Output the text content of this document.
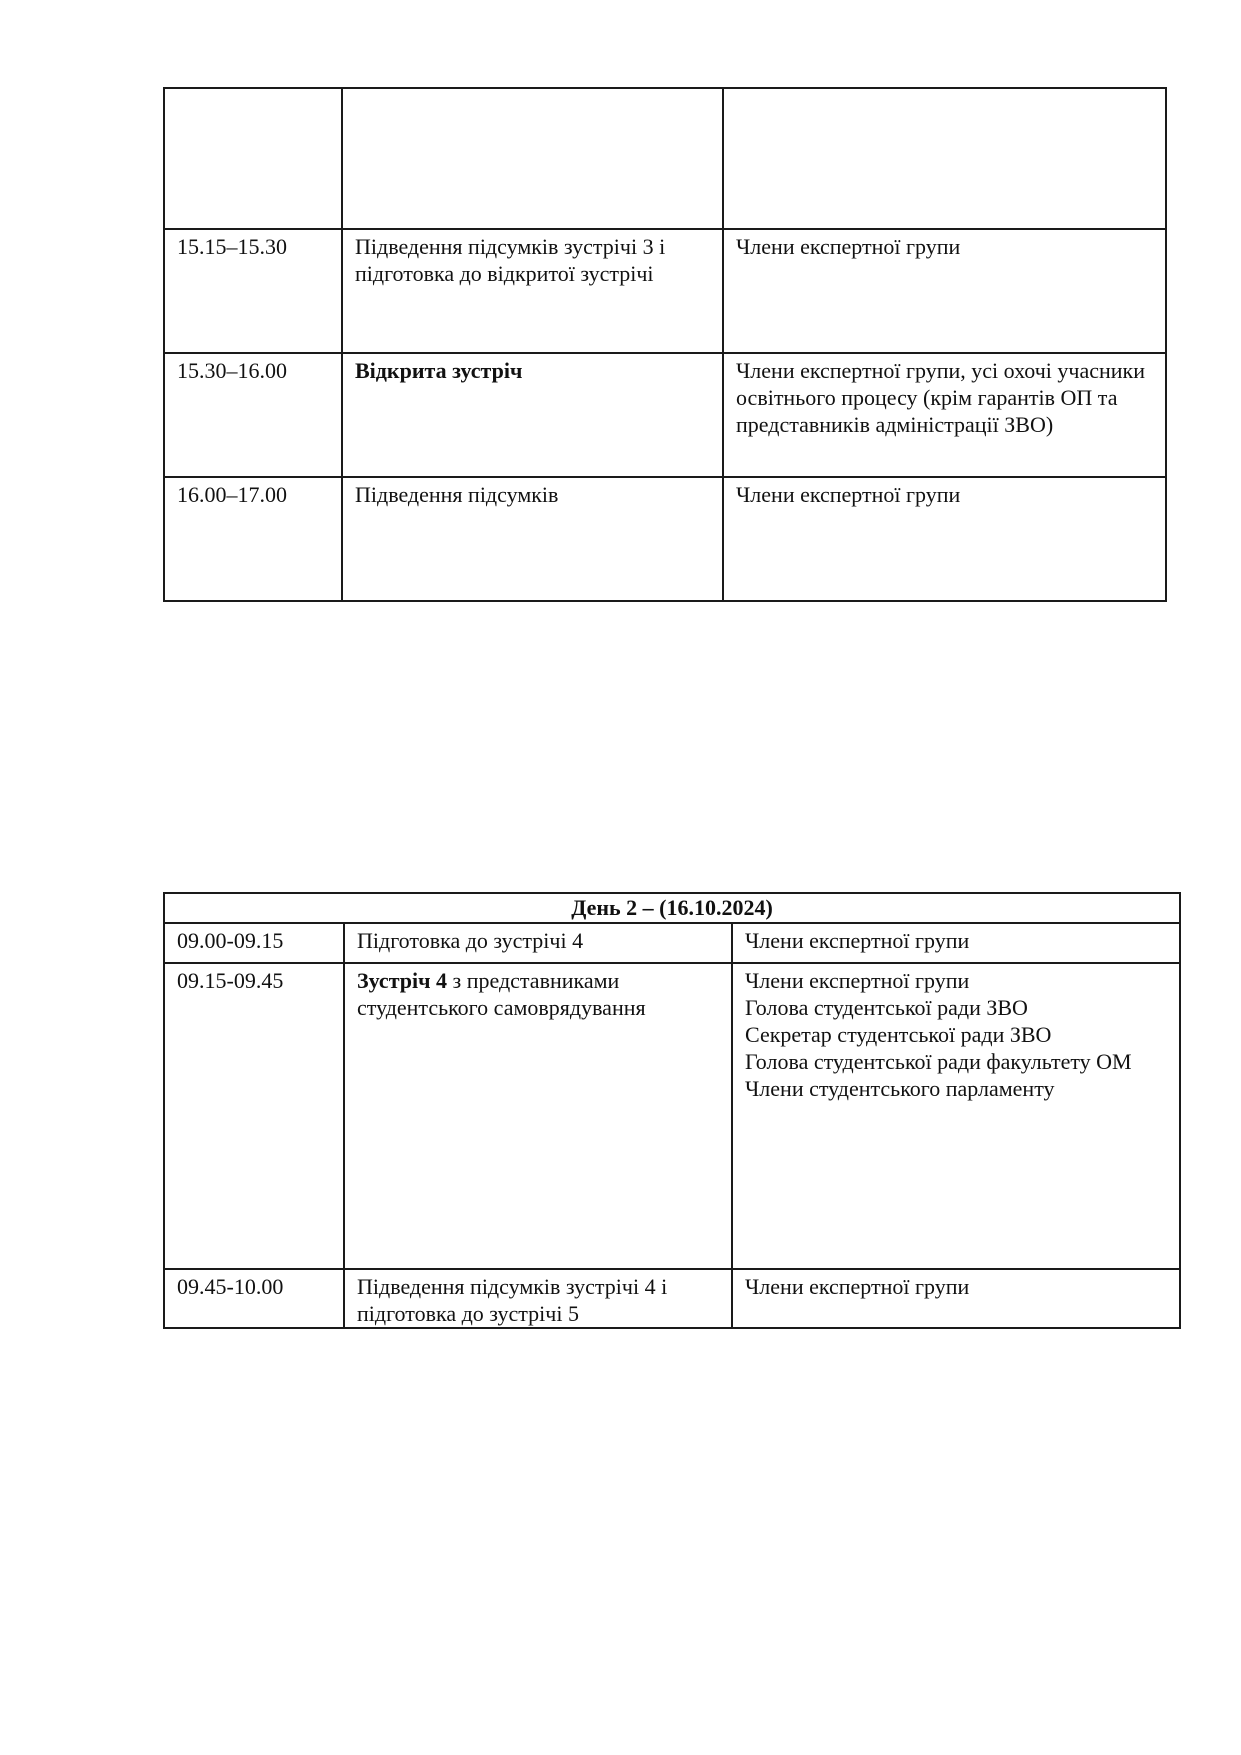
15.15–15.30	Підведення підсумків зустрічі 3 і підготовка до відкритої зустрічі	Члени експертної групи
15.30–16.00	Відкрита зустріч	Члени експертної групи, усі охочі учасники освітнього процесу (крім гарантів ОП та представників адміністрації ЗВО)
16.00–17.00	Підведення підсумків	Члени експертної групи
День 2 – (16.10.2024)		
09.00-09.15	Підготовка до зустрічі 4	Члени експертної групи
09.15-09.45	Зустріч 4 з представниками студентського самоврядування	Члени експертної групи
Голова студентської ради ЗВО
Секретар студентської ради ЗВО
Голова студентської ради факультету ОМ
Члени студентського парламенту

09.45-10.00	Підведення підсумків зустрічі 4 і підготовка до зустрічі 5	Члени експертної групи
